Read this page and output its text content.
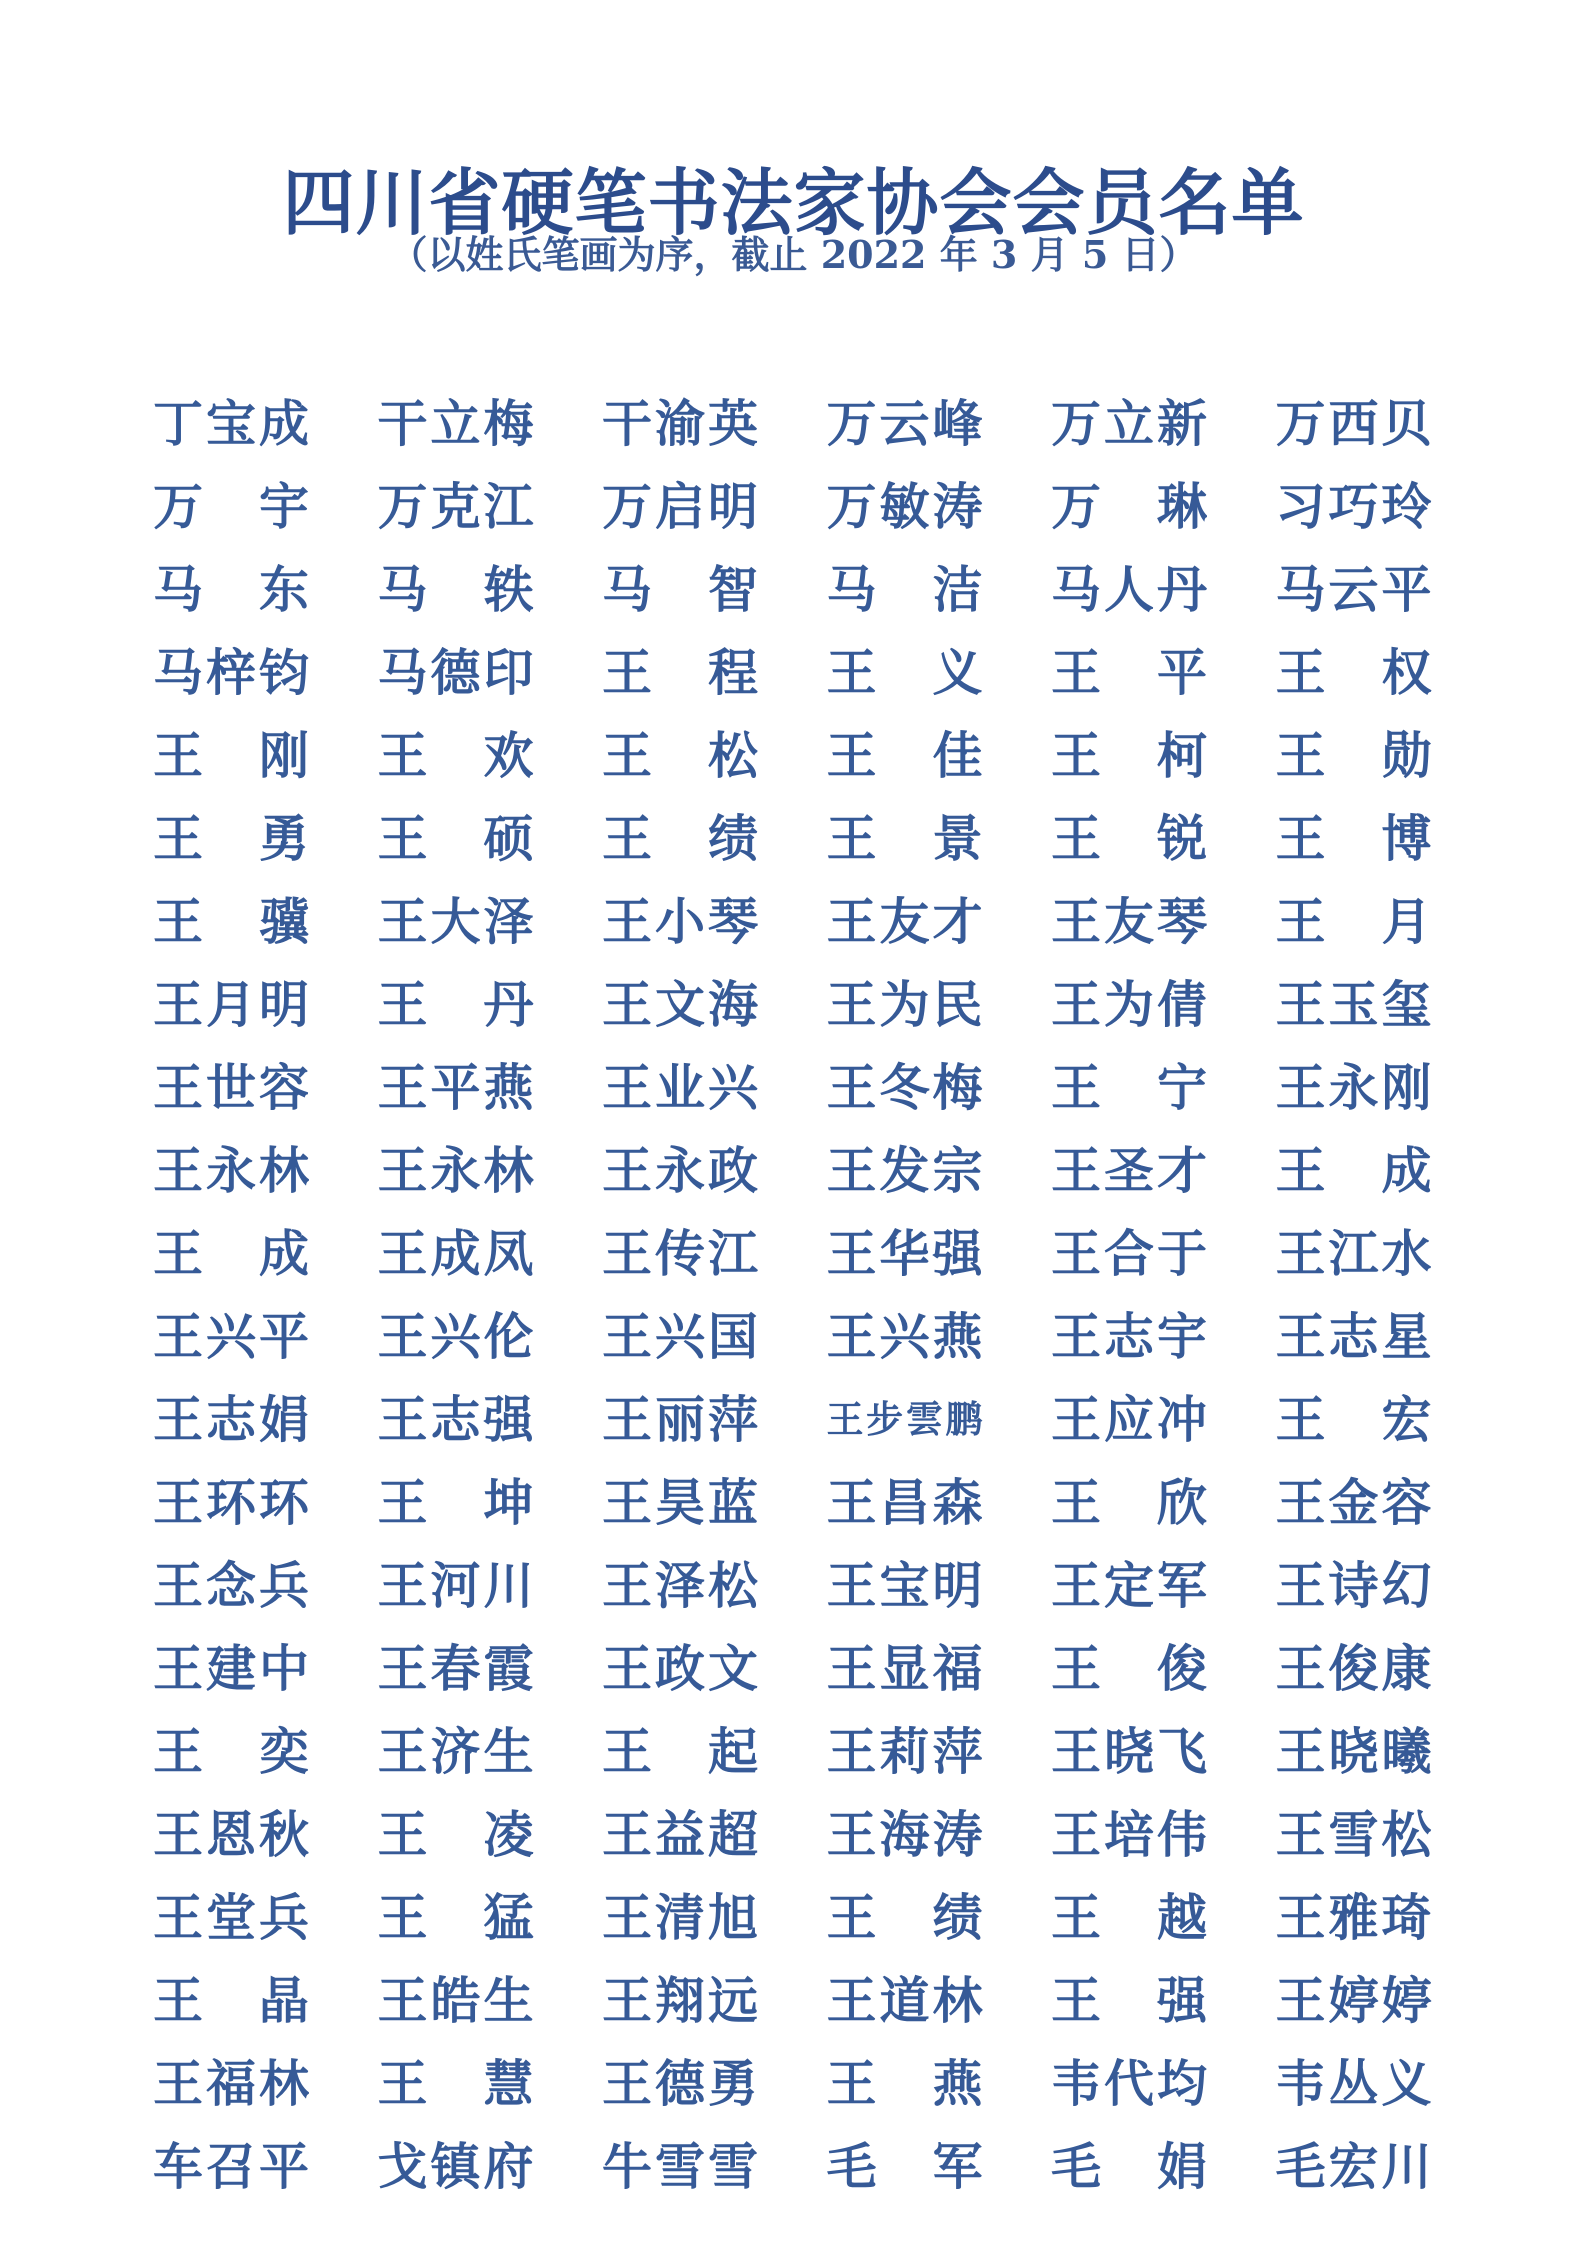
四川省硬笔书法家协会会员名单
（以姓氏笔画为序，截止 2022 年 3 月 5 日）
丁宝成 干立梅 干渝英 万云峰 万立新 万西贝
万 宇 万克江 万启明 万敏涛 万 琳 习巧玲
马 东 马 轶 马 智 马 洁 马人丹 马云平
马梓钧 马德印 王 程 王 义 王 平 王 权
王 刚 王 欢 王 松 王 佳 王 柯 王 勋
王 勇 王 硕 王 绩 王 景 王 锐 王 博
王 骥 王大泽 王小琴 王友才 王友琴 王 月
王月明 王 丹 王文海 王为民 王为倩 王玉玺
王世容 王平燕 王业兴 王冬梅 王 宁 王永刚
王永林 王永林 王永政 王发宗 王圣才 王 成
王 成 王成凤 王传江 王华强 王合于 王江水
王兴平 王兴伦 王兴国 王兴燕 王志宇 王志星
王志娟 王志强 王丽萍 王步雲鹏 王应冲 王 宏
王环环 王 坤 王昊蓝 王昌森 王 欣 王金容
王念兵 王河川 王泽松 王宝明 王定军 王诗幻
王建中 王春霞 王政文 王显福 王 俊 王俊康
王 奕 王济生 王 起 王莉萍 王晓飞 王晓曦
王恩秋 王 凌 王益超 王海涛 王培伟 王雪松
王堂兵 王 猛 王清旭 王 绩 王 越 王雅琦
王 晶 王皓生 王翔远 王道林 王 强 王婷婷
王福林 王 慧 王德勇 王 燕 韦代均 韦丛义
车召平 戈镇府 牛雪雪 毛 军 毛 娟 毛宏川
